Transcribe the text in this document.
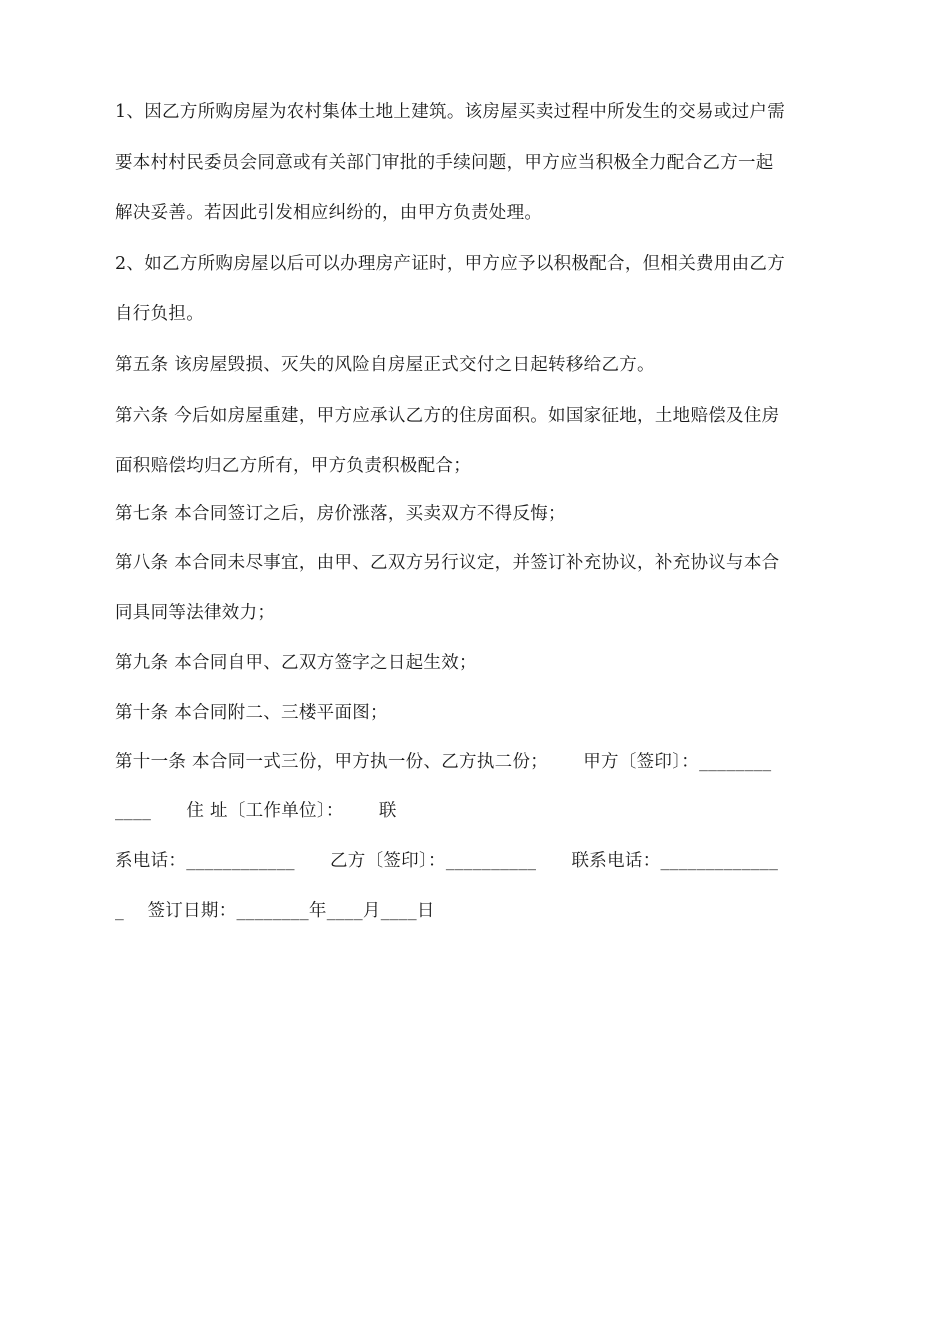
1、因乙方所购房屋为农村集体土地上建筑。该房屋买卖过程中所发生的交易或过户需
要本村村民委员会同意或有关部门审批的手续问题，甲方应当积极全力配合乙方一起
解决妥善。若因此引发相应纠纷的，由甲方负责处理。
2、如乙方所购房屋以后可以办理房产证时，甲方应予以积极配合，但相关费用由乙方
自行负担。
第五条 该房屋毁损、灭失的风险自房屋正式交付之日起转移给乙方。
第六条 今后如房屋重建，甲方应承认乙方的住房面积。如国家征地，土地赔偿及住房
面积赔偿均归乙方所有，甲方负责积极配合；
第七条 本合同签订之后，房价涨落，买卖双方不得反悔；
第八条 本合同未尽事宜，由甲、乙双方另行议定，并签订补充协议，补充协议与本合
同具同等法律效力；
第九条 本合同自甲、乙双方签字之日起生效；
第十条 本合同附二、三楼平面图；
第十一条 本合同一式三份，甲方执一份、乙方执二份；      甲方〔签印〕：________
____      住 址〔工作单位〕：      联
系电话：____________      乙方〔签印〕：__________      联系电话：_____________
_    签订日期：________年____月____日
